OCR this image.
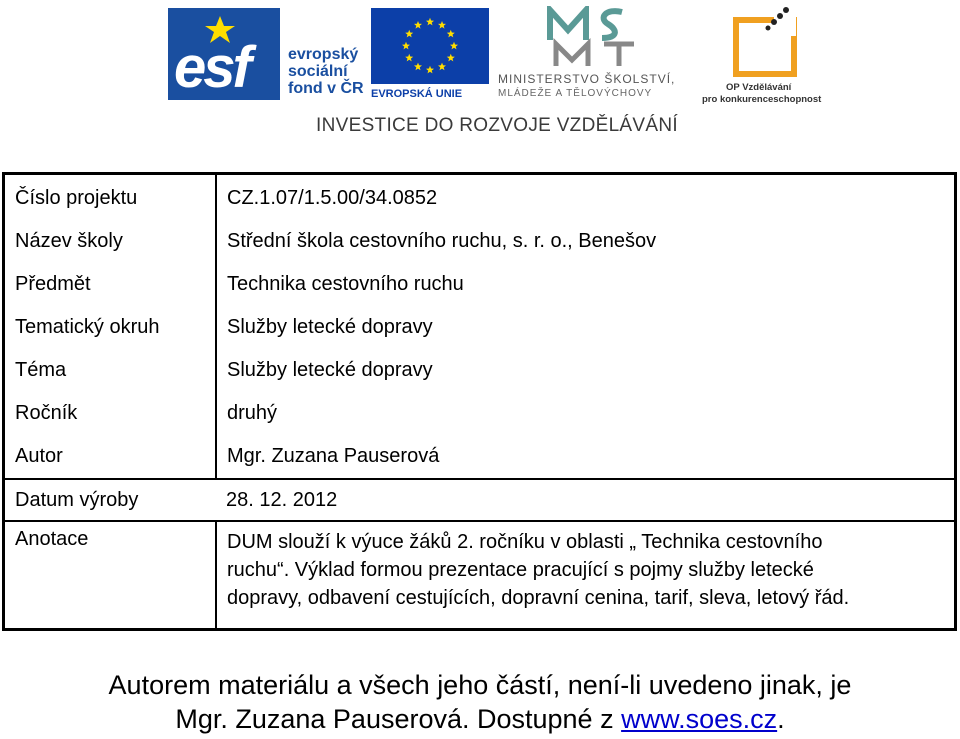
esf evropský
sociální
fond v ČR EVROPSKÁ UNIE
MINISTERSTVO ŠKOLSTVÍ,
MLÁDEŽE A TĚLOVÝCHOVY
OP Vzdělávání
pro konkurenceschopnost
INVESTICE DO ROZVOJE VZDĚLÁVÁNÍ
Číslo projektu	CZ.1.07/1.5.00/34.0852
Název školy	Střední škola cestovního ruchu, s. r. o., Benešov
Předmět	Technika cestovního ruchu
Tematický okruh	Služby letecké dopravy
Téma	Služby letecké dopravy
Ročník	druhý
Autor	Mgr. Zuzana Pauserová
Datum výroby	28. 12. 2012
Anotace	DUM slouží k výuce žáků 2. ročníku v oblasti „ Technika cestovního
ruchu“. Výklad formou prezentace pracující s pojmy služby letecké
dopravy, odbavení cestujících, dopravní cenina, tarif, sleva, letový řád.
Autorem materiálu a všech jeho částí, není-li uvedeno jinak, je
Mgr. Zuzana Pauserová. Dostupné z www.soes.cz.
